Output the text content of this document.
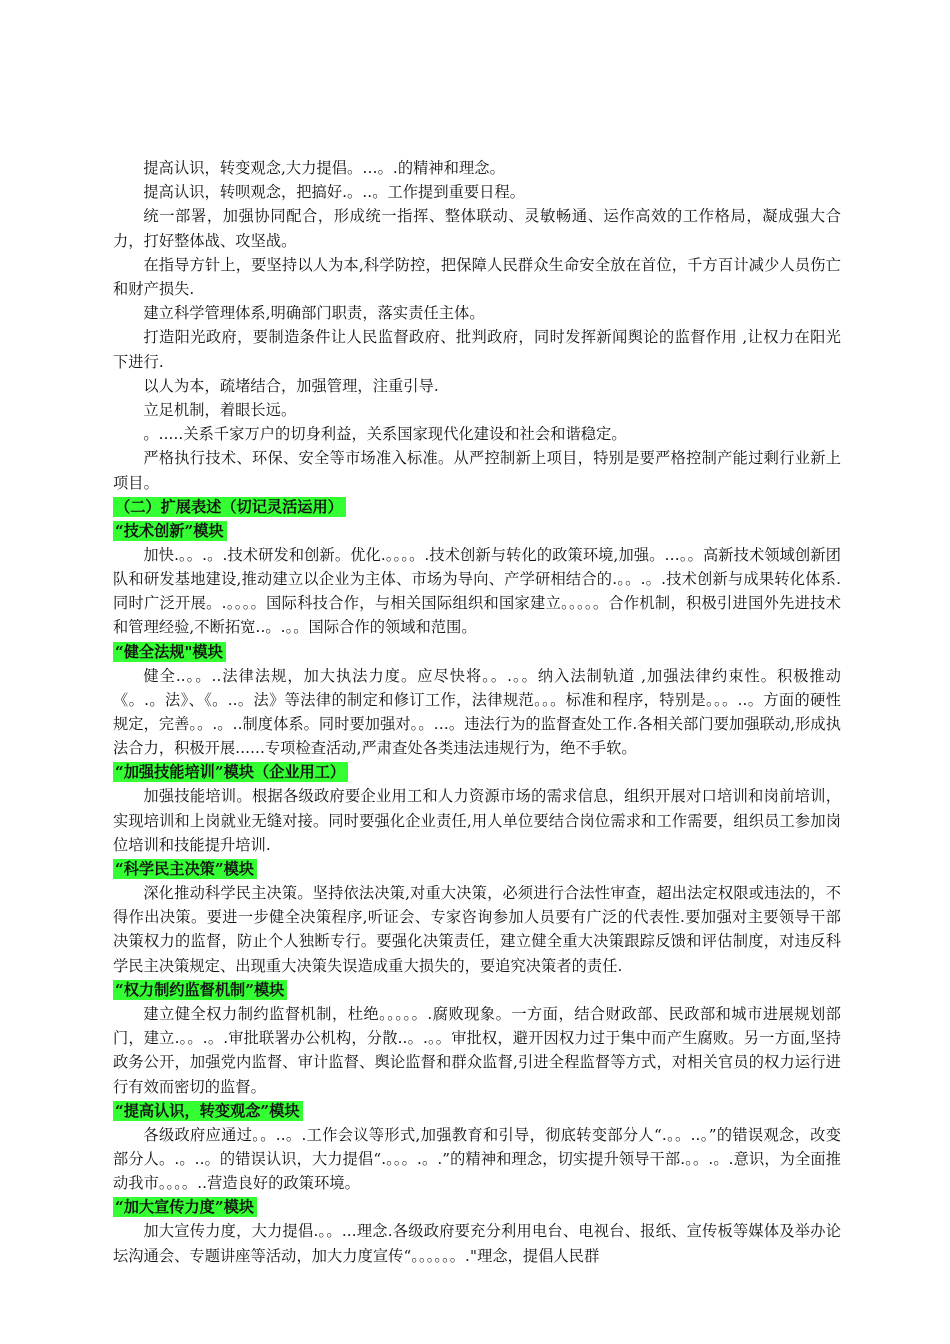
提高认识，转变观念,大力提倡。…。.的精神和理念。

提高认识，转呗观念，把搞好.。..。工作提到重要日程。

统一部署，加强协同配合，形成统一指挥、整体联动、灵敏畅通、运作高效的工作格局，凝成强大合力，打好整体战、攻坚战。

在指导方针上，要坚持以人为本,科学防控，把保障人民群众生命安全放在首位，千方百计减少人员伤亡和财产损失.

建立科学管理体系,明确部门职责，落实责任主体。

打造阳光政府，要制造条件让人民监督政府、批判政府，同时发挥新闻舆论的监督作用 ,让权力在阳光下进行.

以人为本，疏堵结合，加强管理，注重引导.

立足机制，着眼长远。

。.....关系千家万户的切身利益，关系国家现代化建设和社会和谐稳定。

严格执行技术、环保、安全等市场准入标准。从严控制新上项目，特别是要严格控制产能过剩行业新上项目。

（二）扩展表述（切记灵活运用）
“技术创新”模块

加快.。。.。.技术研发和创新。优化.。。。。.技术创新与转化的政策环境,加强。…。。高新技术领域创新团队和研发基地建设,推动建立以企业为主体、市场为导向、产学研相结合的.。。.。.技术创新与成果转化体系.同时广泛开展。.。。。。国际科技合作，与相关国际组织和国家建立。。。。。合作机制，积极引进国外先进技术和管理经验,不断拓宽..。.。。国际合作的领域和范围。

“健全法规"模块

健全..。。..法律法规，加大执法力度。应尽快将。。.。。纳入法制轨道 ,加强法律约束性。积极推动《。.。法》、《。..。法》等法律的制定和修订工作，法律规范。。。标准和程序，特别是。。。..。方面的硬性规定，完善。。.。..制度体系。同时要加强对。。…。违法行为的监督查处工作.各相关部门要加强联动,形成执法合力，积极开展......专项检查活动,严肃查处各类违法违规行为，绝不手软。

“加强技能培训”模块（企业用工）

加强技能培训。根据各级政府要企业用工和人力资源市场的需求信息，组织开展对口培训和岗前培训，实现培训和上岗就业无缝对接。同时要强化企业责任,用人单位要结合岗位需求和工作需要，组织员工参加岗位培训和技能提升培训.

“科学民主决策”模块

深化推动科学民主决策。坚持依法决策,对重大决策，必须进行合法性审查，超出法定权限或违法的，不得作出决策。要进一步健全决策程序,听证会、专家咨询参加人员要有广泛的代表性.要加强对主要领导干部决策权力的监督，防止个人独断专行。要强化决策责任，建立健全重大决策跟踪反馈和评估制度，对违反科学民主决策规定、出现重大决策失误造成重大损失的，要追究决策者的责任.

“权力制约监督机制”模块

建立健全权力制约监督机制，杜绝。。。。。.腐败现象。一方面，结合财政部、民政部和城市进展规划部门，建立.。。.。.审批联署办公机构，分散..。.。。审批权，避开因权力过于集中而产生腐败。另一方面,坚持政务公开，加强党内监督、审计监督、舆论监督和群众监督,引进全程监督等方式，对相关官员的权力运行进行有效而密切的监督。

“提高认识，转变观念”模块

各级政府应通过。。..。.工作会议等形式,加强教育和引导，彻底转变部分人“.。。..。”的错误观念，改变部分人。.。..。的错误认识，大力提倡“.。。。.。.”的精神和理念，切实提升领导干部.。。.。.意识，为全面推动我市。。。。..营造良好的政策环境。

“加大宣传力度”模块

加大宣传力度，大力提倡.。。...理念.各级政府要充分利用电台、电视台、报纸、宣传板等媒体及举办论坛沟通会、专题讲座等活动，加大力度宣传“。。。。。。."理念，提倡人民群
